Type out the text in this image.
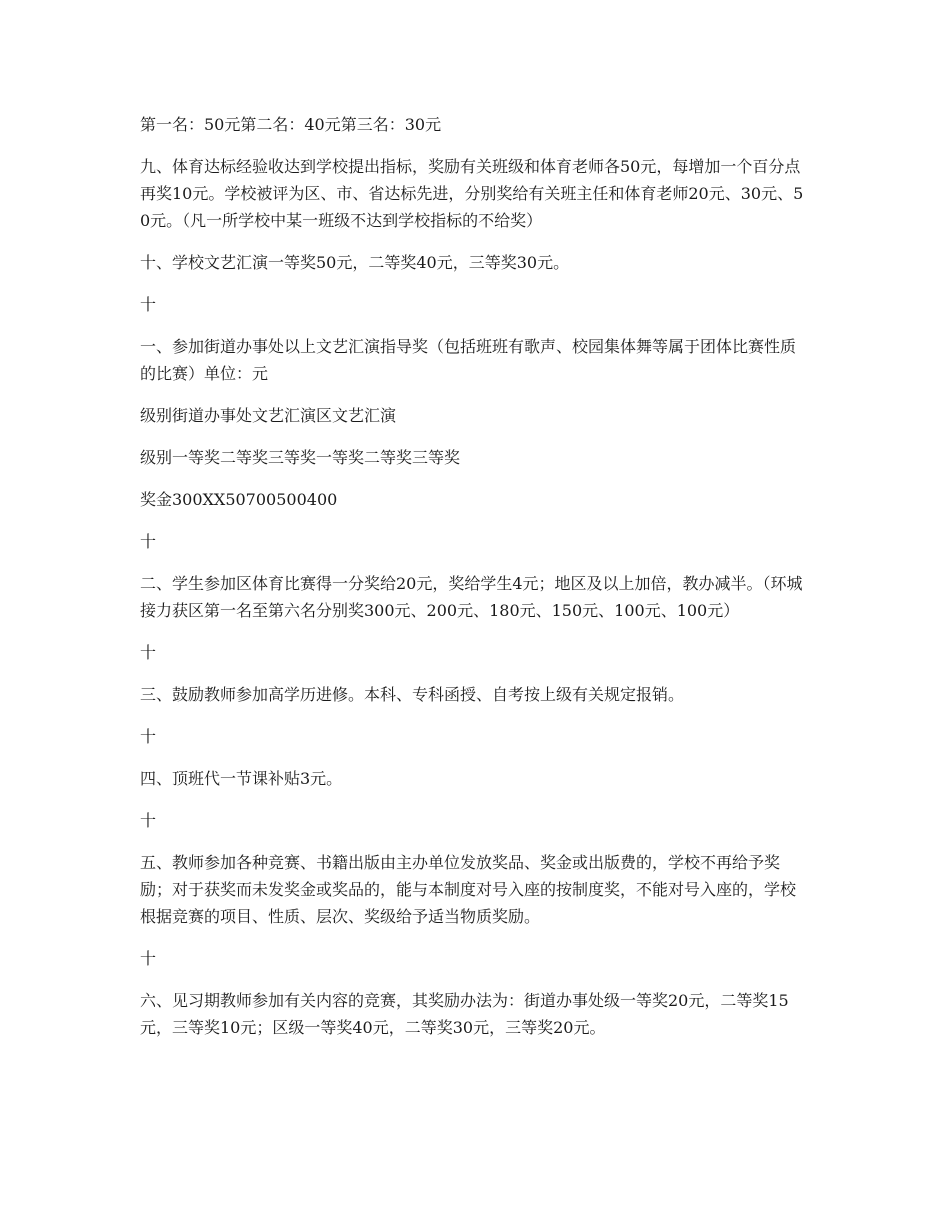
第一名：50元第二名：40元第三名：30元

九、体育达标经验收达到学校提出指标，奖励有关班级和体育老师各50元，每增加一个百分点再奖10元。学校被评为区、市、省达标先进，分别奖给有关班主任和体育老师20元、30元、50元。（凡一所学校中某一班级不达到学校指标的不给奖）

十、学校文艺汇演一等奖50元，二等奖40元，三等奖30元。

十

一、参加街道办事处以上文艺汇演指导奖（包括班班有歌声、校园集体舞等属于团体比赛性质的比赛）单位：元

级别街道办事处文艺汇演区文艺汇演

级别一等奖二等奖三等奖一等奖二等奖三等奖

奖金300XX50700500400

十

二、学生参加区体育比赛得一分奖给20元，奖给学生4元；地区及以上加倍，教办减半。（环城接力获区第一名至第六名分别奖300元、200元、180元、150元、100元、100元）

十

三、鼓励教师参加高学历进修。本科、专科函授、自考按上级有关规定报销。

十

四、顶班代一节课补贴3元。

十

五、教师参加各种竞赛、书籍出版由主办单位发放奖品、奖金或出版费的，学校不再给予奖励；对于获奖而未发奖金或奖品的，能与本制度对号入座的按制度奖，不能对号入座的，学校根据竞赛的项目、性质、层次、奖级给予适当物质奖励。

十

六、见习期教师参加有关内容的竞赛，其奖励办法为：街道办事处级一等奖20元，二等奖15元，三等奖10元；区级一等奖40元，二等奖30元，三等奖20元。
